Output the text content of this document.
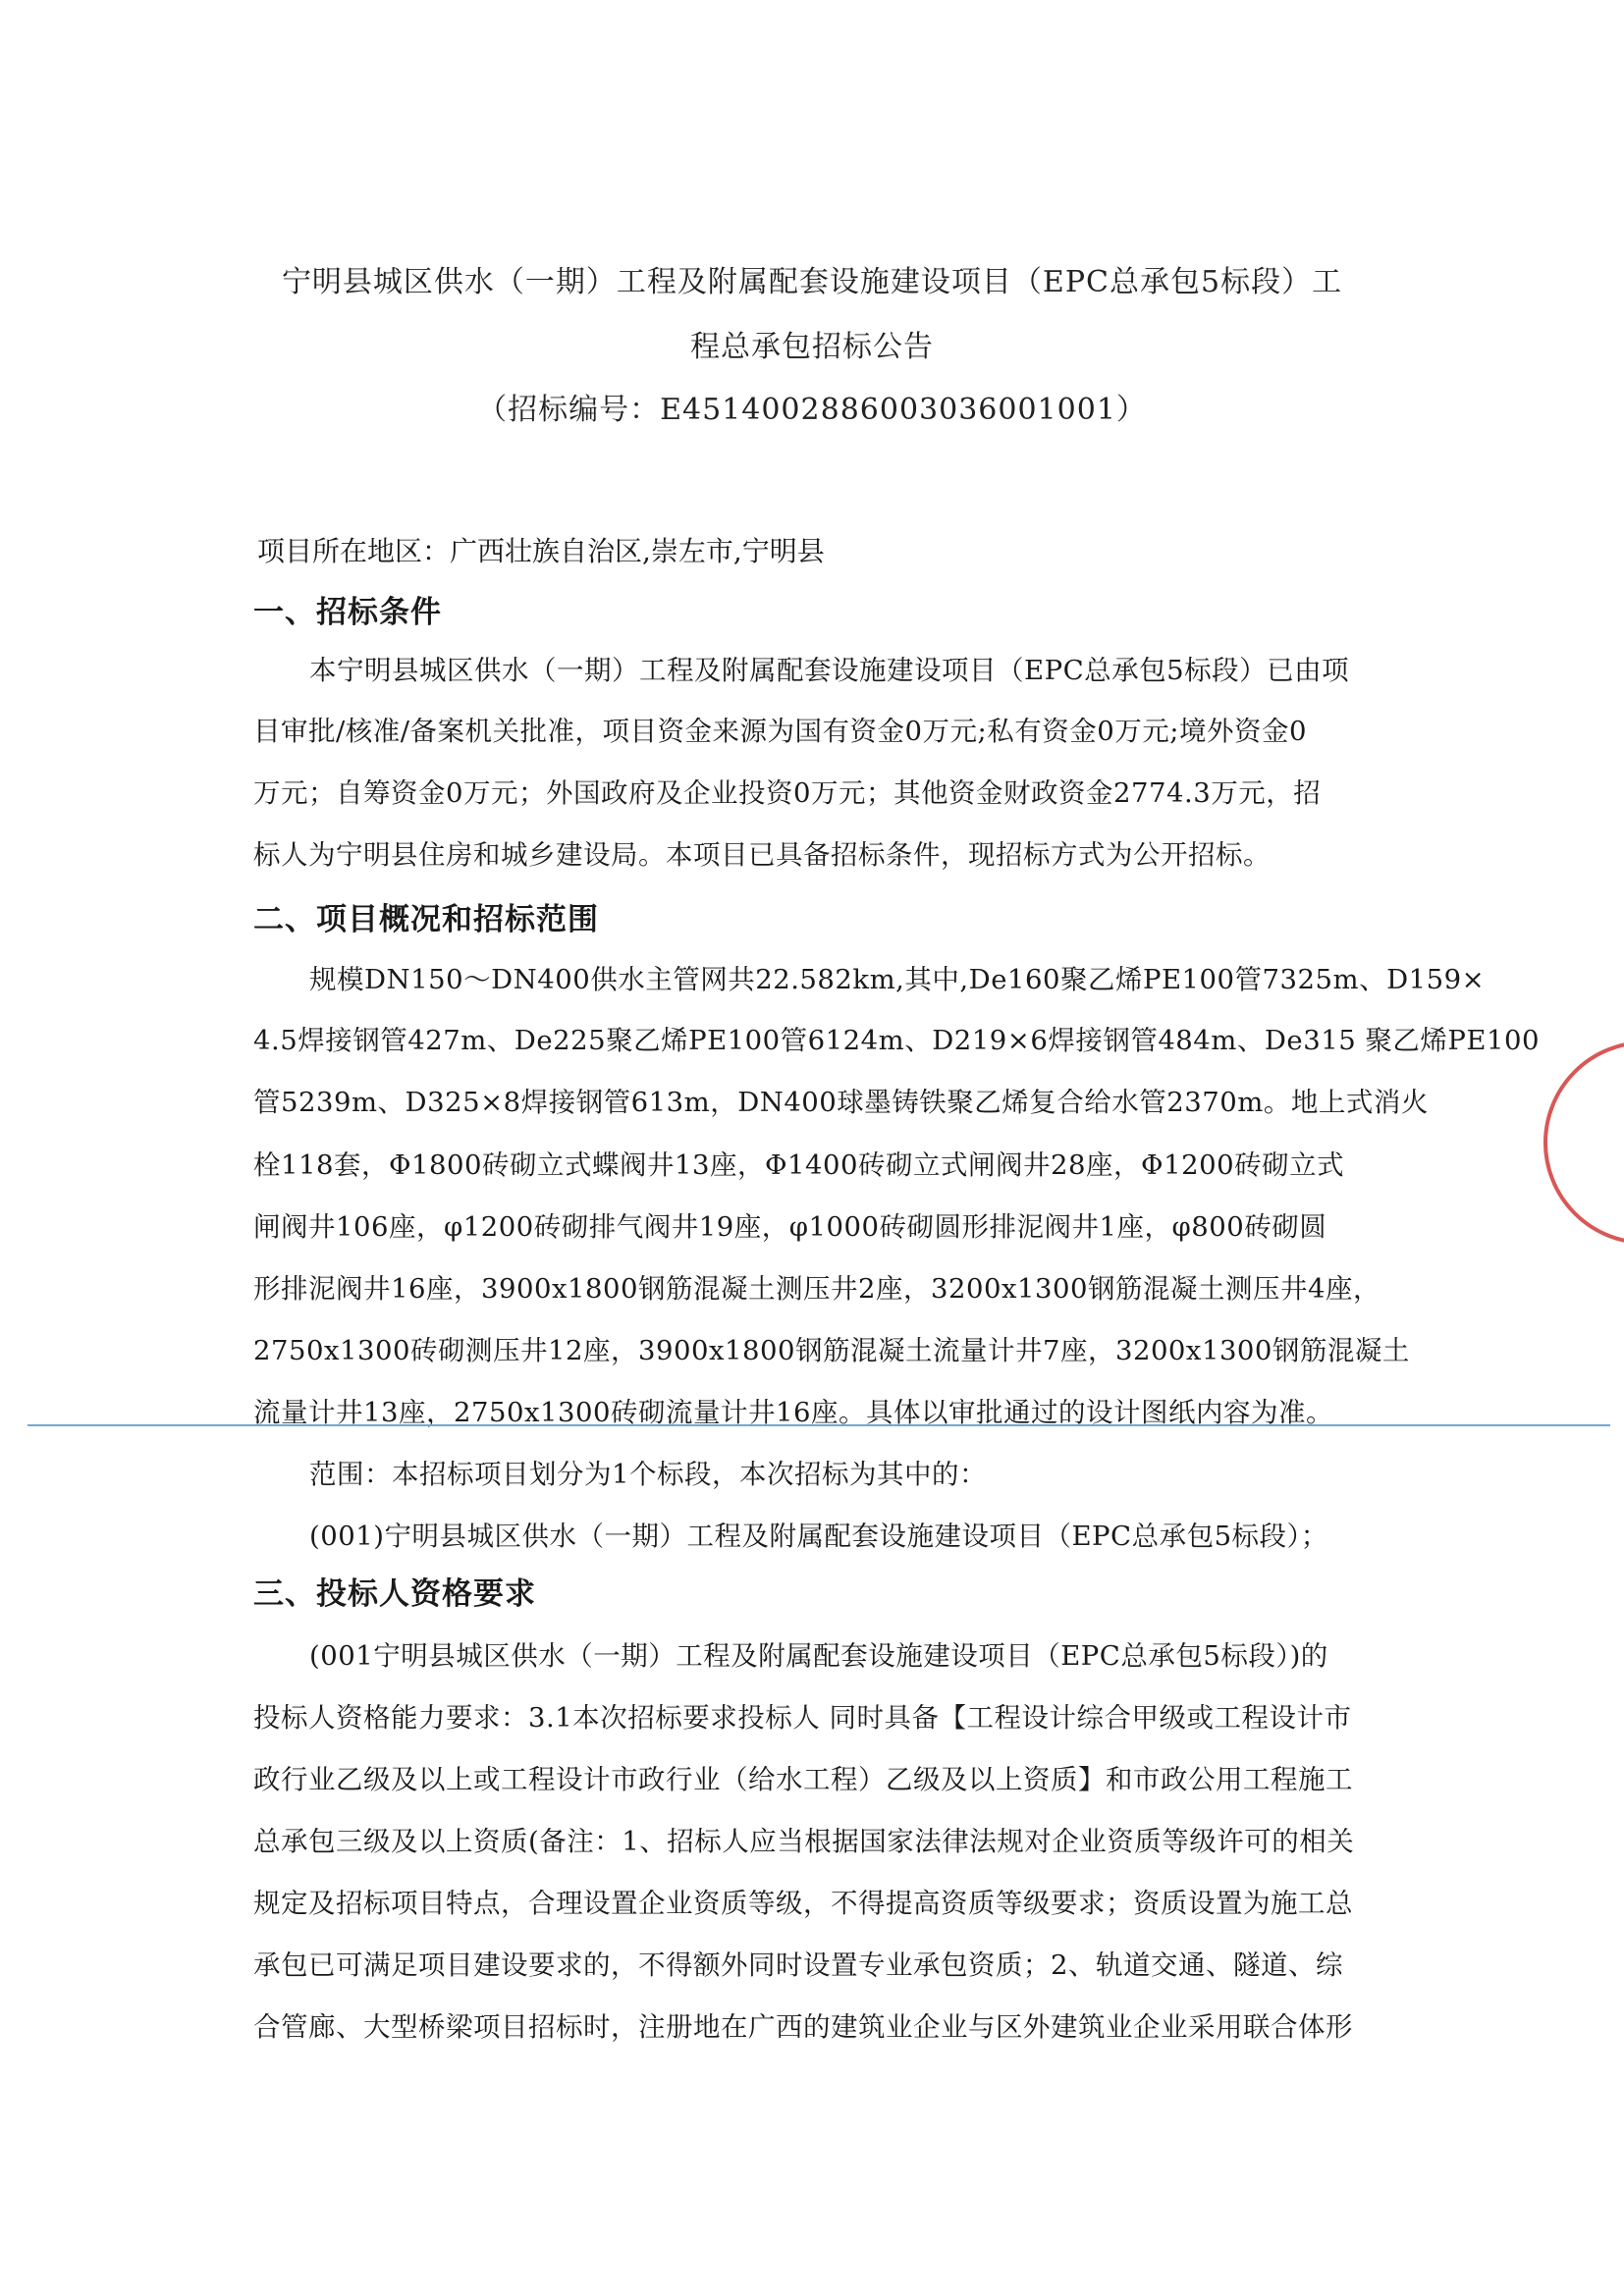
宁明县城区供水（一期）工程及附属配套设施建设项目（EPC总承包5标段）工
程总承包招标公告
（招标编号：E4514002886003036001001）
项目所在地区：广西壮族自治区,崇左市,宁明县
一、招标条件
本宁明县城区供水（一期）工程及附属配套设施建设项目（EPC总承包5标段）已由项
目审批/核准/备案机关批准，项目资金来源为国有资金0万元;私有资金0万元;境外资金0
万元；自筹资金0万元；外国政府及企业投资0万元；其他资金财政资金2774.3万元，招
标人为宁明县住房和城乡建设局。本项目已具备招标条件，现招标方式为公开招标。
二、项目概况和招标范围
规模DN150～DN400供水主管网共22.582km,其中,De160聚乙烯PE100管7325m、D159×
4.5焊接钢管427m、De225聚乙烯PE100管6124m、D219×6焊接钢管484m、De315 聚乙烯PE100
管5239m、D325×8焊接钢管613m，DN400球墨铸铁聚乙烯复合给水管2370m。地上式消火
栓118套，Φ1800砖砌立式蝶阀井13座，Φ1400砖砌立式闸阀井28座，Φ1200砖砌立式
闸阀井106座，φ1200砖砌排气阀井19座，φ1000砖砌圆形排泥阀井1座，φ800砖砌圆
形排泥阀井16座，3900x1800钢筋混凝土测压井2座，3200x1300钢筋混凝土测压井4座，
2750x1300砖砌测压井12座，3900x1800钢筋混凝土流量计井7座，3200x1300钢筋混凝土
流量计井13座，2750x1300砖砌流量计井16座。具体以审批通过的设计图纸内容为准。
范围：本招标项目划分为1个标段，本次招标为其中的：
(001)宁明县城区供水（一期）工程及附属配套设施建设项目（EPC总承包5标段）；
三、投标人资格要求
(001宁明县城区供水（一期）工程及附属配套设施建设项目（EPC总承包5标段）)的
投标人资格能力要求：3.1本次招标要求投标人 同时具备【工程设计综合甲级或工程设计市
政行业乙级及以上或工程设计市政行业（给水工程）乙级及以上资质】和市政公用工程施工
总承包三级及以上资质(备注：1、招标人应当根据国家法律法规对企业资质等级许可的相关
规定及招标项目特点，合理设置企业资质等级，不得提高资质等级要求；资质设置为施工总
承包已可满足项目建设要求的，不得额外同时设置专业承包资质；2、轨道交通、隧道、综
合管廊、大型桥梁项目招标时，注册地在广西的建筑业企业与区外建筑业企业采用联合体形
